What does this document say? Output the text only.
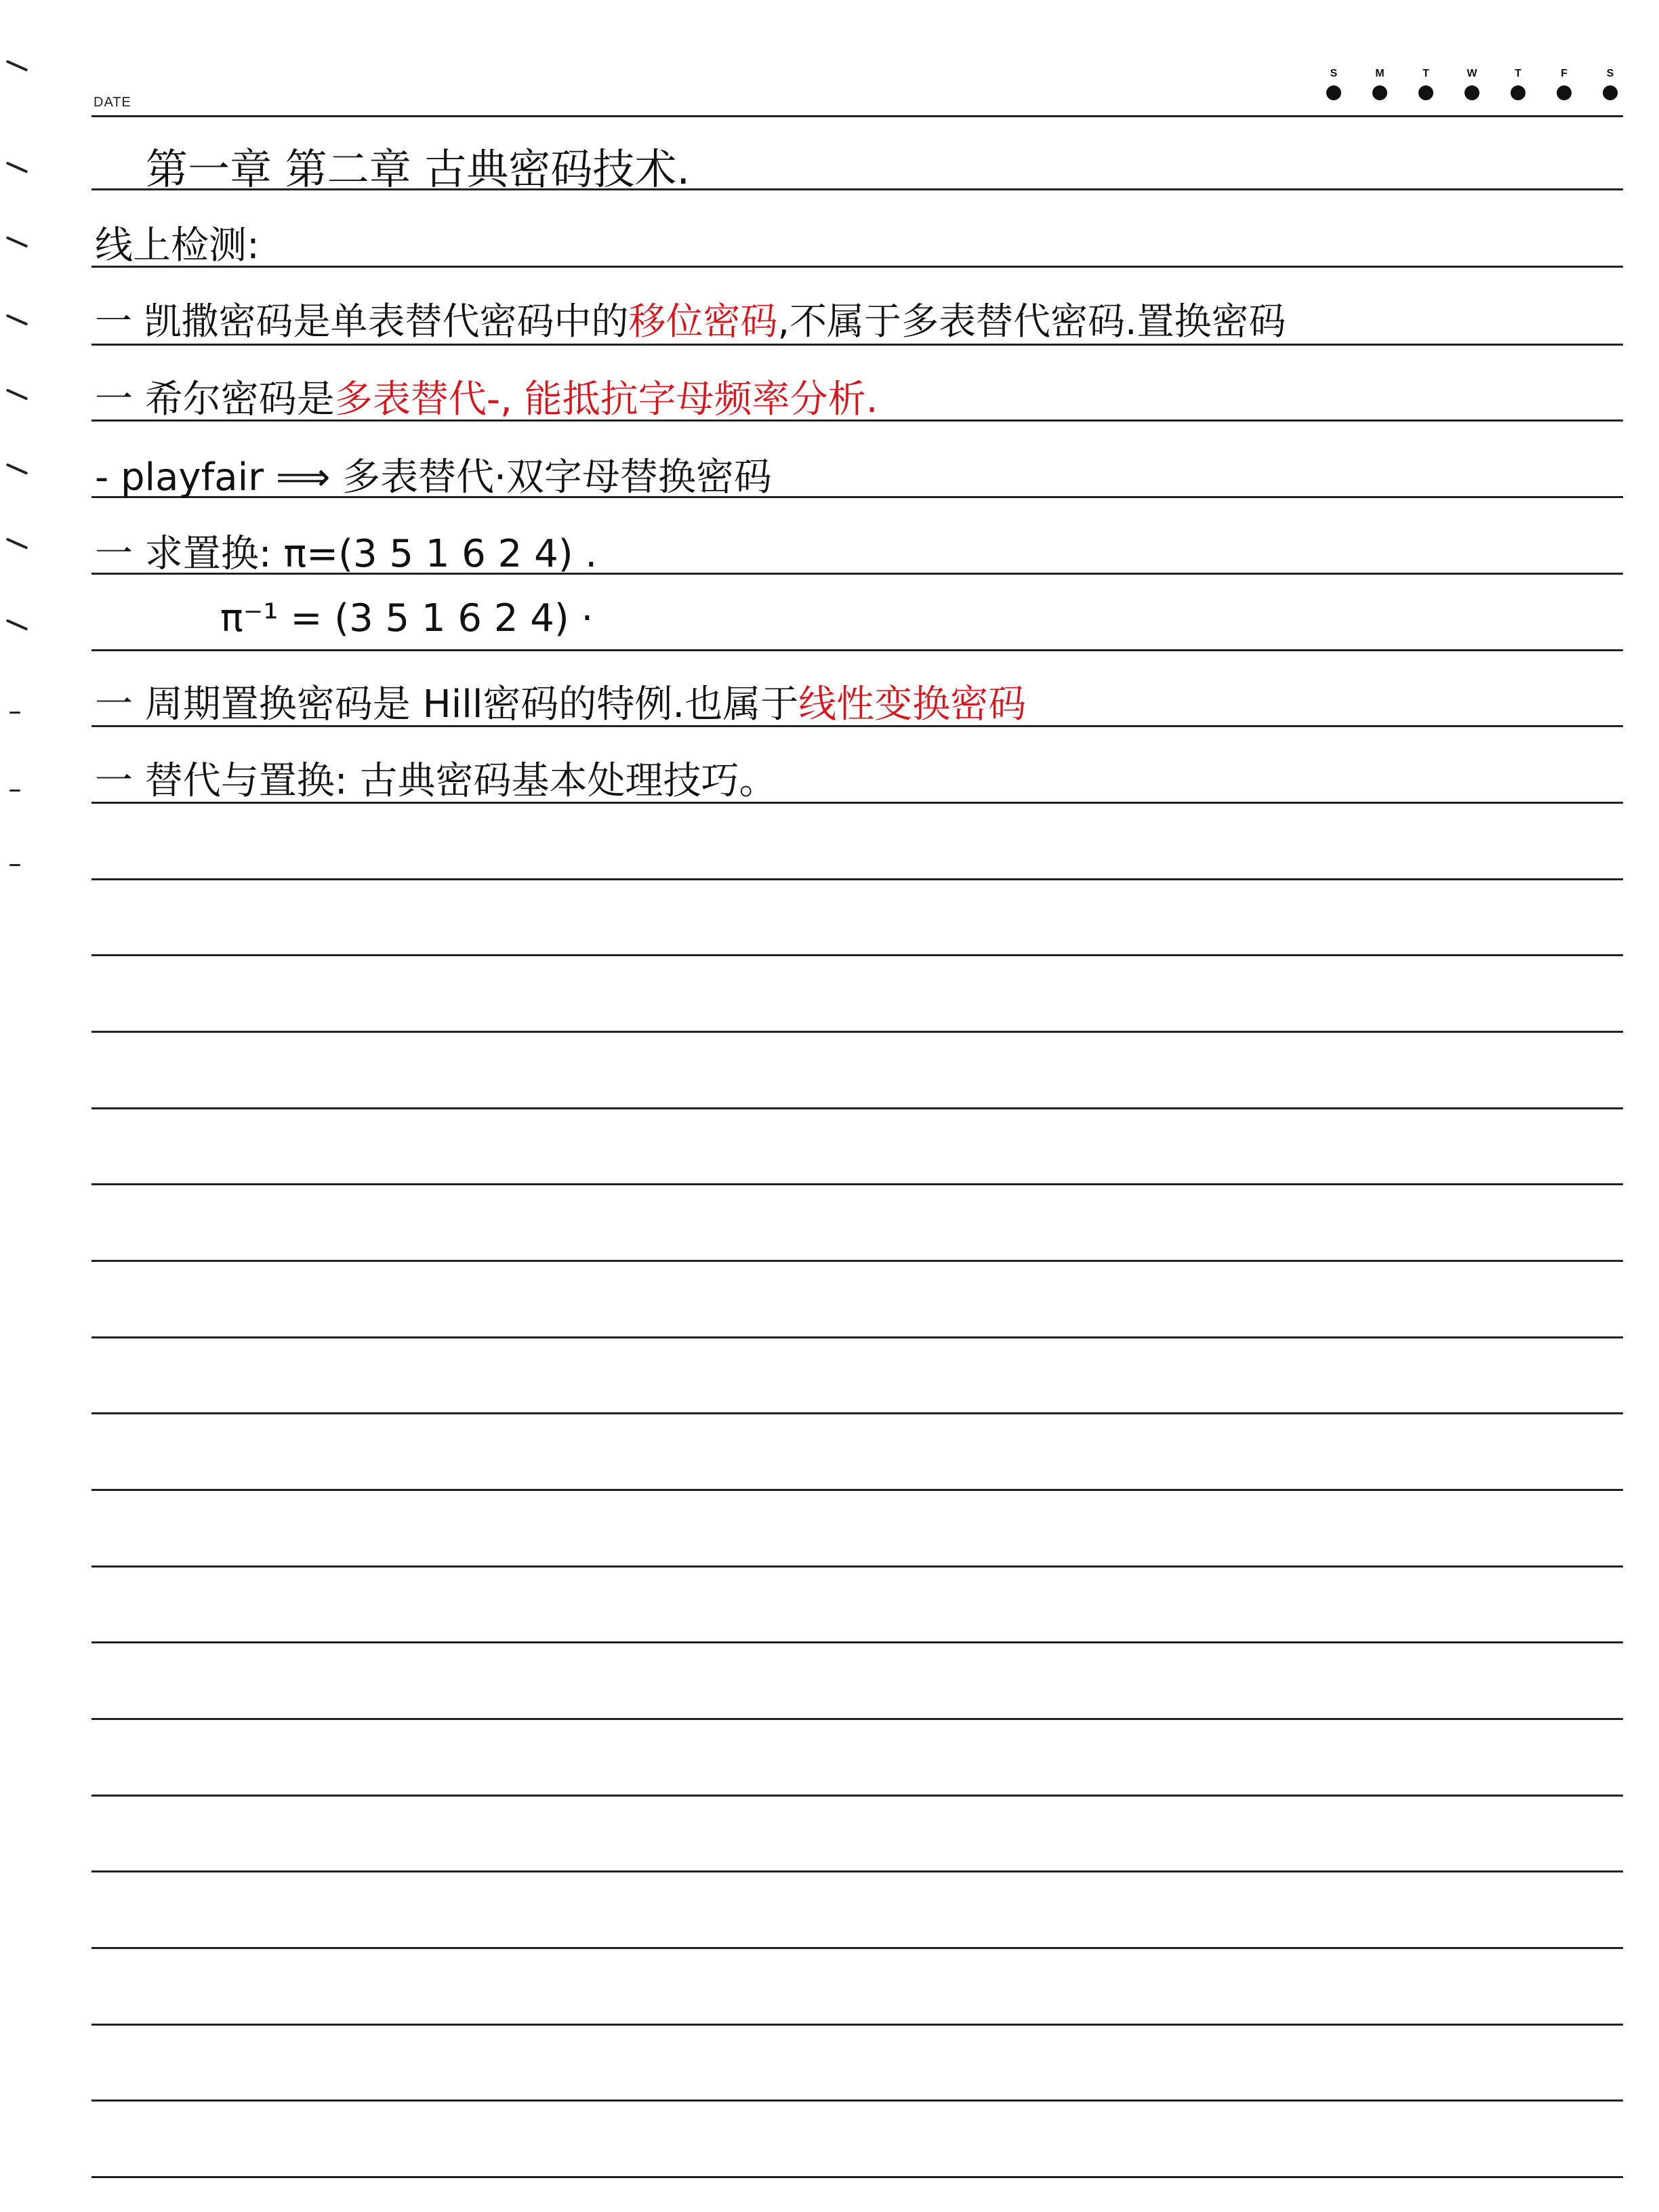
DATE
S	M	T	W	T	F	S
第一章 第二章 古典密码技术.
线上检测:
一 凯撒密码是单表替代密码中的移位密码,不属于多表替代密码.置换密码
一 希尔密码是多表替代-, 能抵抗字母频率分析.
- playfair ⟹ 多表替代·双字母替换密码
一 求置换: π=(3 5 1 6 2 4) .
π⁻¹ = (3 5 1 6 2 4) ·
一 周期置换密码是 Hill密码的特例.也属于线性变换密码
一 替代与置换: 古典密码基本处理技巧。
